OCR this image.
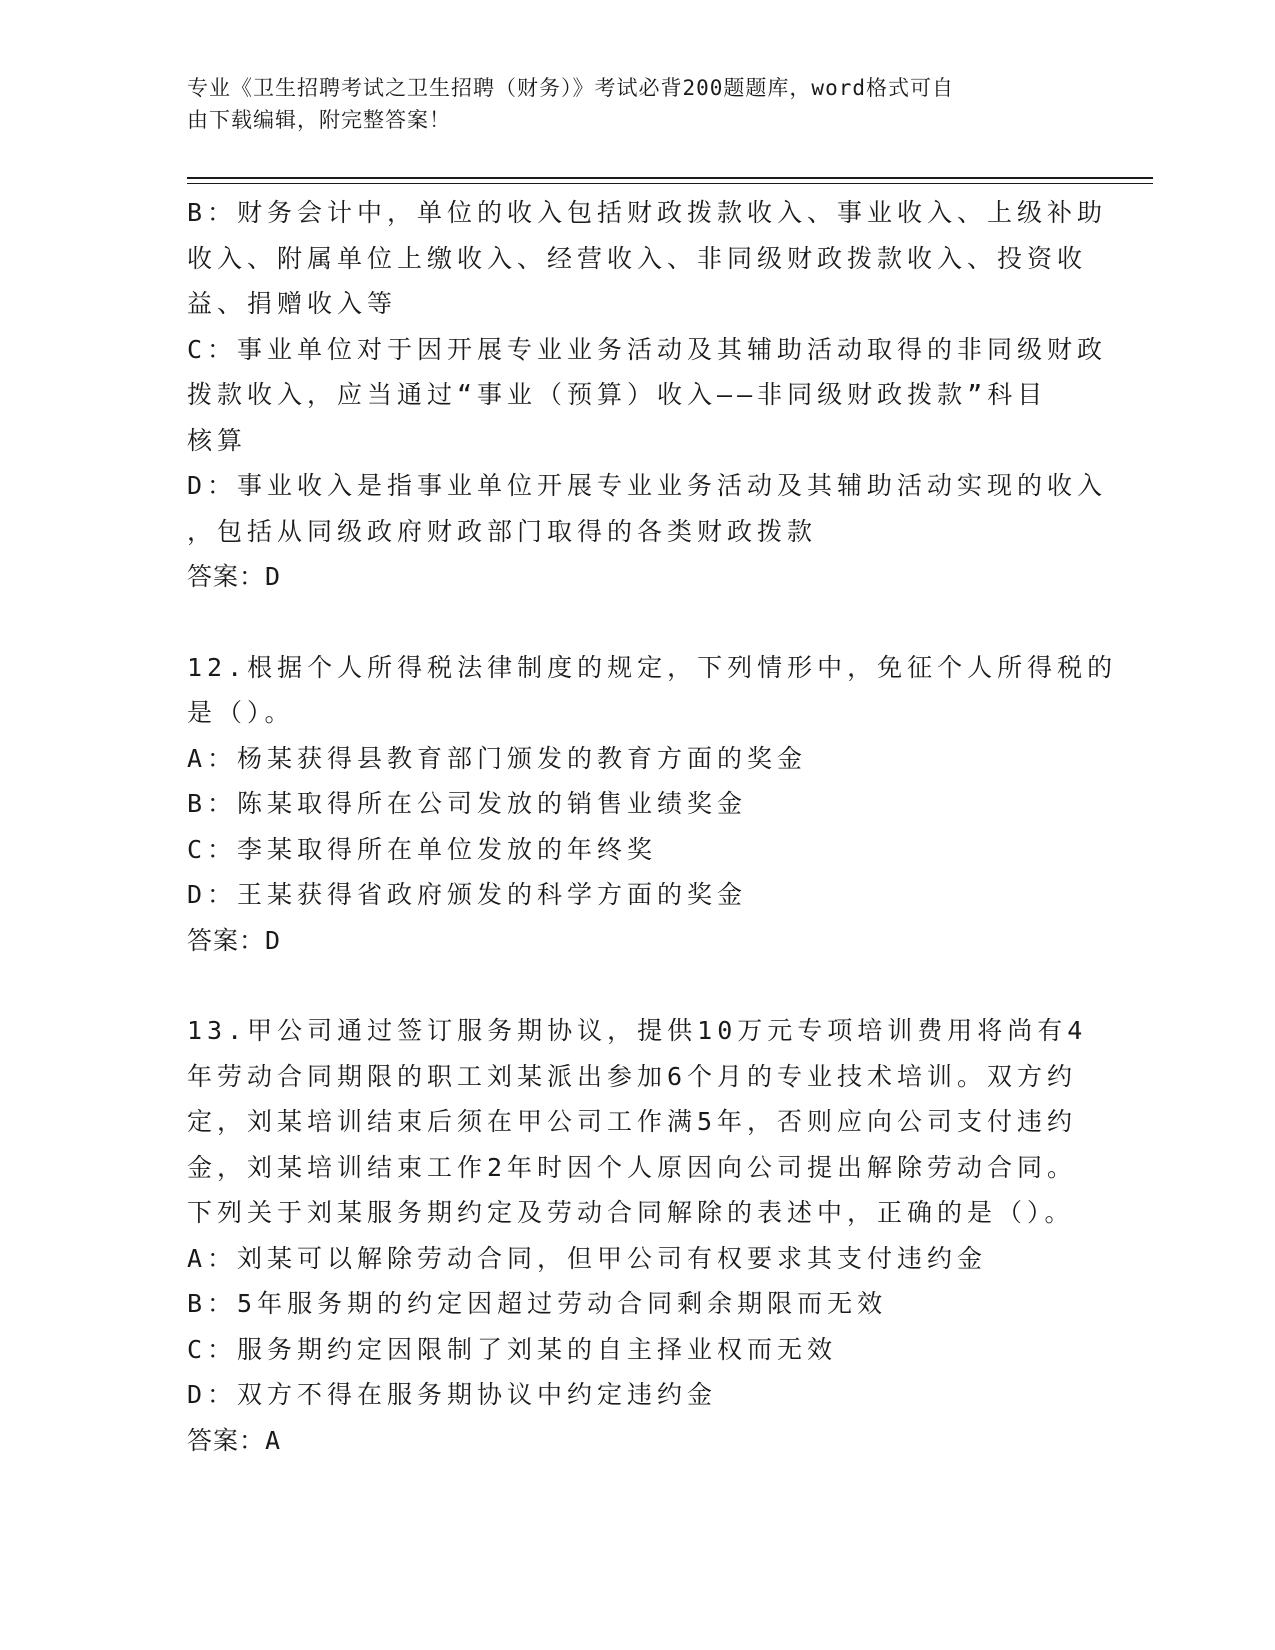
专业《卫生招聘考试之卫生招聘（财务）》考试必背200题题库，word格式可自
由下载编辑，附完整答案！
B：财务会计中，单位的收入包括财政拨款收入、事业收入、上级补助
收入、附属单位上缴收入、经营收入、非同级财政拨款收入、投资收
益、捐赠收入等
C：事业单位对于因开展专业业务活动及其辅助活动取得的非同级财政
拨款收入，应当通过“事业（预算）收入——非同级财政拨款”科目
核算
D：事业收入是指事业单位开展专业业务活动及其辅助活动实现的收入
，包括从同级政府财政部门取得的各类财政拨款
答案：D
12.根据个人所得税法律制度的规定，下列情形中，免征个人所得税的
是（）。
A：杨某获得县教育部门颁发的教育方面的奖金
B：陈某取得所在公司发放的销售业绩奖金
C：李某取得所在单位发放的年终奖
D：王某获得省政府颁发的科学方面的奖金
答案：D
13.甲公司通过签订服务期协议，提供10万元专项培训费用将尚有4
年劳动合同期限的职工刘某派出参加6个月的专业技术培训。双方约
定，刘某培训结束后须在甲公司工作满5年，否则应向公司支付违约
金，刘某培训结束工作2年时因个人原因向公司提出解除劳动合同。
下列关于刘某服务期约定及劳动合同解除的表述中，正确的是（）。
A：刘某可以解除劳动合同，但甲公司有权要求其支付违约金
B：5年服务期的约定因超过劳动合同剩余期限而无效
C：服务期约定因限制了刘某的自主择业权而无效
D：双方不得在服务期协议中约定违约金
答案：A
